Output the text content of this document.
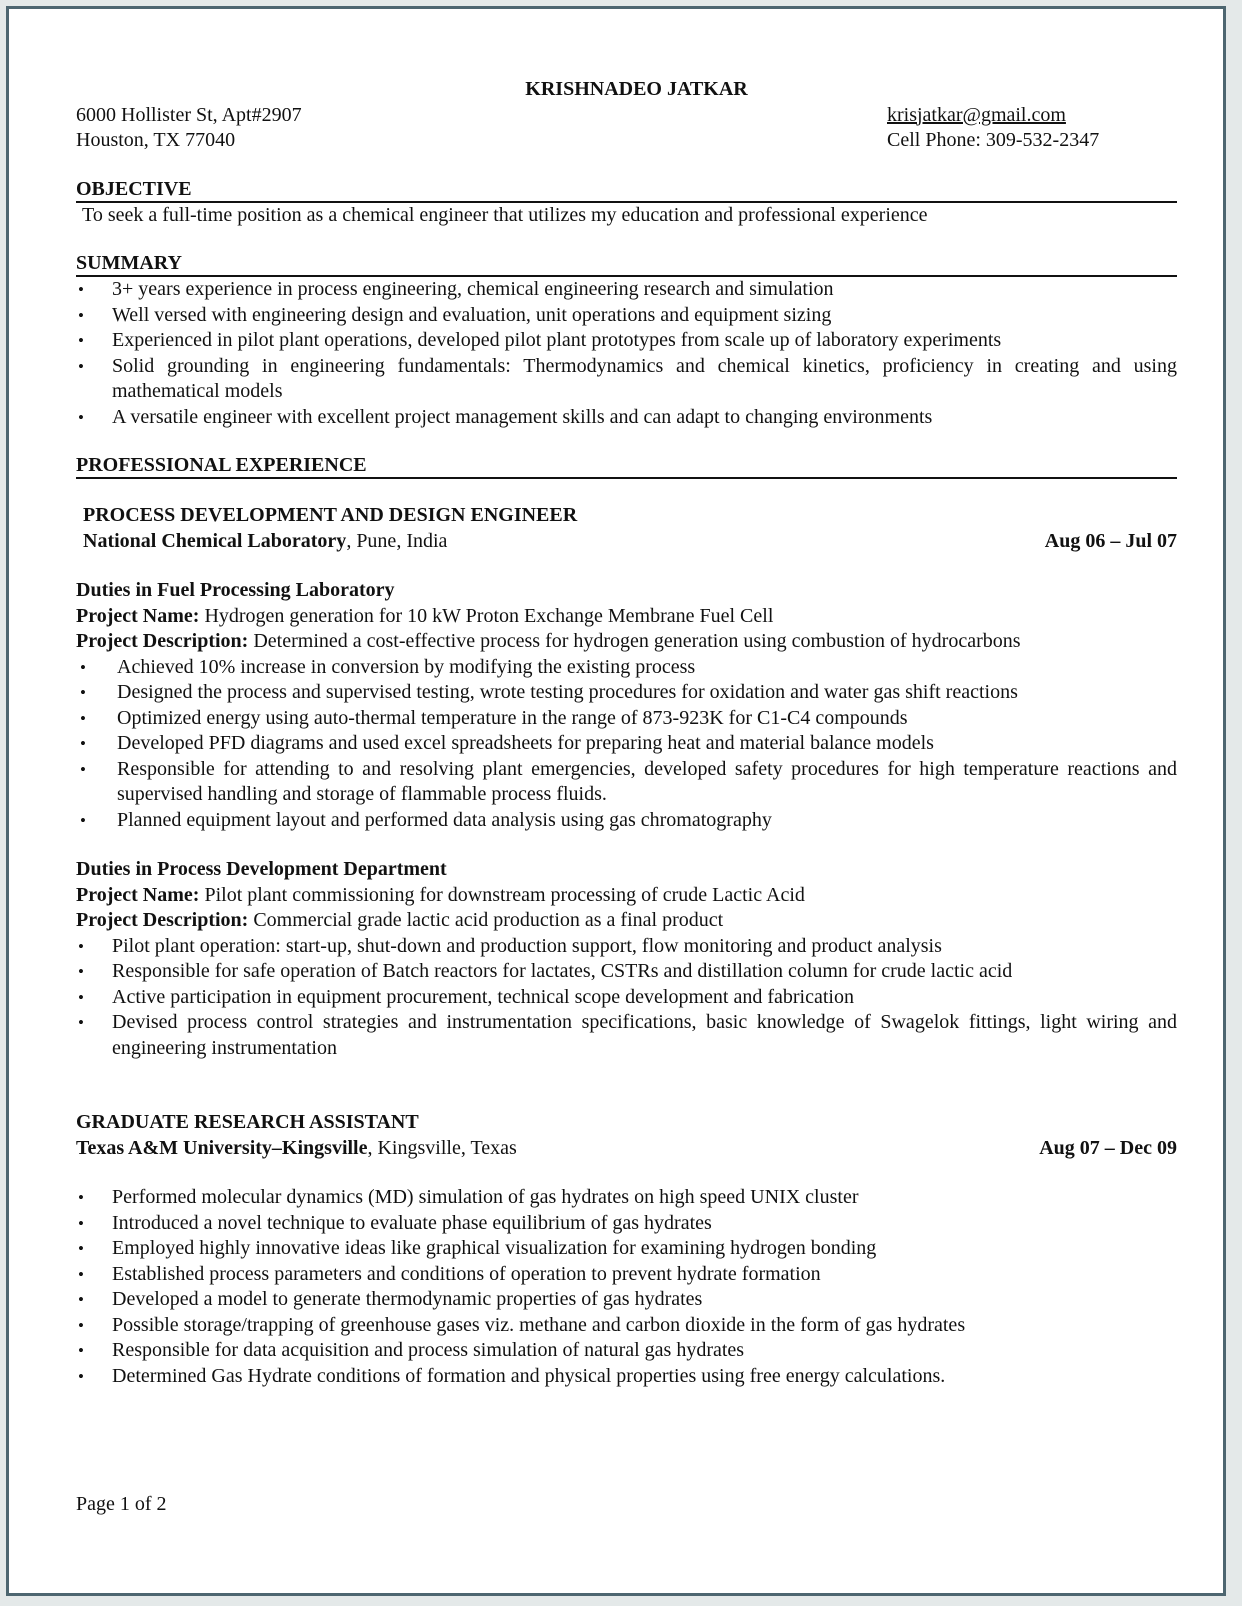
KRISHNADEO JATKAR
6000 Hollister St, Apt#2907
Houston, TX 77040
krisjatkar@gmail.com
Cell Phone: 309-532-2347
OBJECTIVE
To seek a full-time position as a chemical engineer that utilizes my education and professional experience
SUMMARY
• 3+ years experience in process engineering, chemical engineering research and simulation
• Well versed with engineering design and evaluation, unit operations and equipment sizing
• Experienced in pilot plant operations, developed pilot plant prototypes from scale up of laboratory experiments
• Solid grounding in engineering fundamentals: Thermodynamics and chemical kinetics, proficiency in creating and using mathematical models
• A versatile engineer with excellent project management skills and can adapt to changing environments
PROFESSIONAL EXPERIENCE
PROCESS DEVELOPMENT AND DESIGN ENGINEER
National Chemical Laboratory, Pune, India	Aug 06 – Jul 07
Duties in Fuel Processing Laboratory
Project Name: Hydrogen generation for 10 kW Proton Exchange Membrane Fuel Cell
Project Description: Determined a cost-effective process for hydrogen generation using combustion of hydrocarbons
• Achieved 10% increase in conversion by modifying the existing process
• Designed the process and supervised testing, wrote testing procedures for oxidation and water gas shift reactions
• Optimized energy using auto-thermal temperature in the range of 873-923K for C1-C4 compounds
• Developed PFD diagrams and used excel spreadsheets for preparing heat and material balance models
• Responsible for attending to and resolving plant emergencies, developed safety procedures for high temperature reactions and supervised handling and storage of flammable process fluids.
• Planned equipment layout and performed data analysis using gas chromatography
Duties in Process Development Department
Project Name: Pilot plant commissioning for downstream processing of crude Lactic Acid
Project Description: Commercial grade lactic acid production as a final product
• Pilot plant operation: start-up, shut-down and production support, flow monitoring and product analysis
• Responsible for safe operation of Batch reactors for lactates, CSTRs and distillation column for crude lactic acid
• Active participation in equipment procurement, technical scope development and fabrication
• Devised process control strategies and instrumentation specifications, basic knowledge of Swagelok fittings, light wiring and engineering instrumentation
GRADUATE RESEARCH ASSISTANT
Texas A&M University–Kingsville, Kingsville, Texas	Aug 07 – Dec 09
• Performed molecular dynamics (MD) simulation of gas hydrates on high speed UNIX cluster
• Introduced a novel technique to evaluate phase equilibrium of gas hydrates
• Employed highly innovative ideas like graphical visualization for examining hydrogen bonding
• Established process parameters and conditions of operation to prevent hydrate formation
• Developed a model to generate thermodynamic properties of gas hydrates
• Possible storage/trapping of greenhouse gases viz. methane and carbon dioxide in the form of gas hydrates
• Responsible for data acquisition and process simulation of natural gas hydrates
• Determined Gas Hydrate conditions of formation and physical properties using free energy calculations.
Page 1 of 2
